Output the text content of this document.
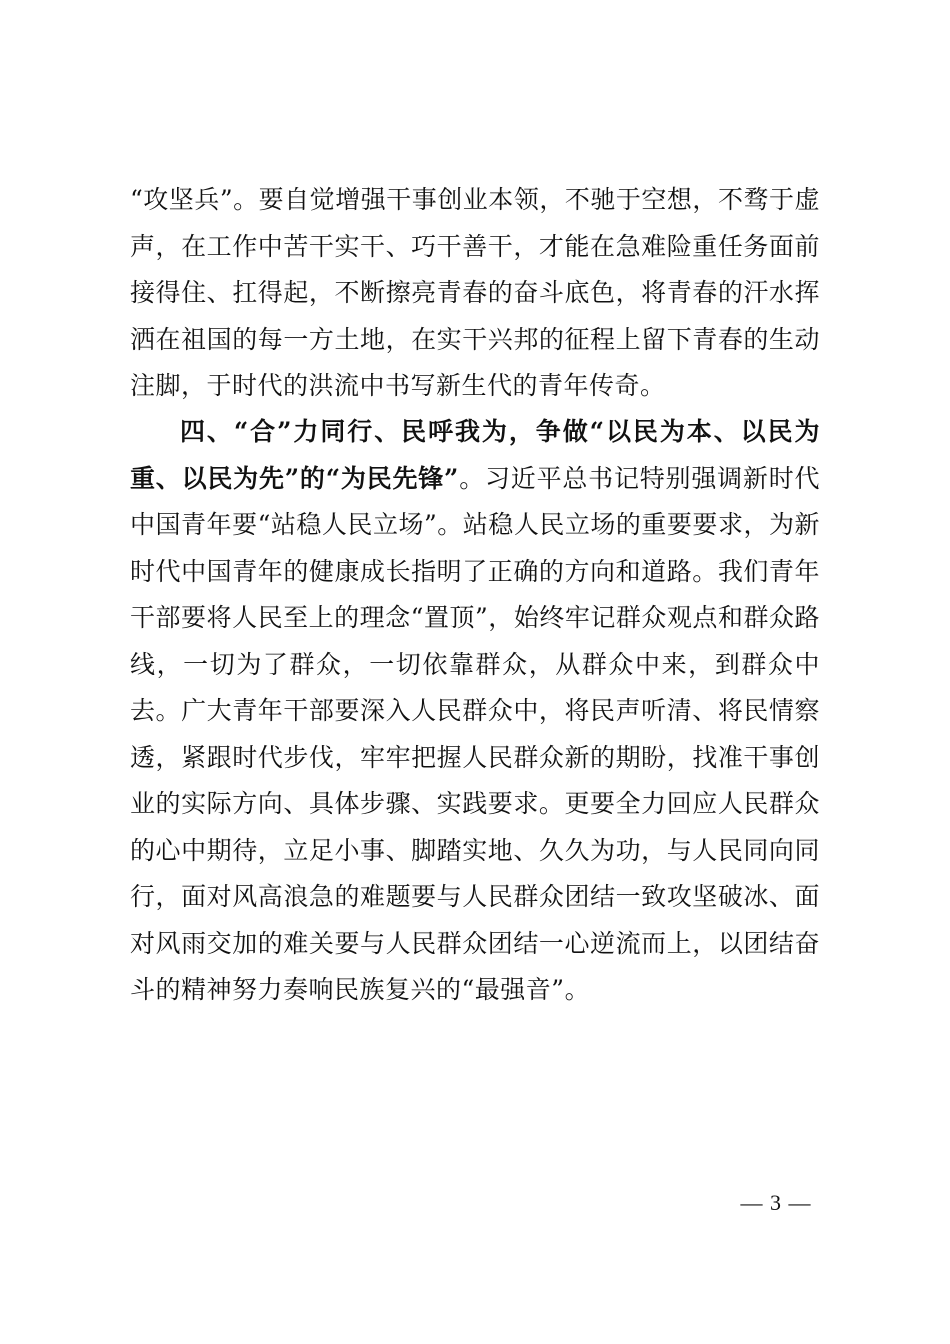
“攻坚兵”。要自觉增强干事创业本领，不驰于空想，不骛于虚声，在工作中苦干实干、巧干善干，才能在急难险重任务面前接得住、扛得起，不断擦亮青春的奋斗底色，将青春的汗水挥洒在祖国的每一方土地，在实干兴邦的征程上留下青春的生动注脚，于时代的洪流中书写新生代的青年传奇。

四、“合”力同行、民呼我为，争做“以民为本、以民为重、以民为先”的“为民先锋”。习近平总书记特别强调新时代中国青年要“站稳人民立场”。站稳人民立场的重要要求，为新时代中国青年的健康成长指明了正确的方向和道路。我们青年干部要将人民至上的理念“置顶”，始终牢记群众观点和群众路线，一切为了群众，一切依靠群众，从群众中来，到群众中去。广大青年干部要深入人民群众中，将民声听清、将民情察透，紧跟时代步伐，牢牢把握人民群众新的期盼，找准干事创业的实际方向、具体步骤、实践要求。更要全力回应人民群众的心中期待，立足小事、脚踏实地、久久为功，与人民同向同行，面对风高浪急的难题要与人民群众团结一致攻坚破冰、面对风雨交加的难关要与人民群众团结一心逆流而上，以团结奋斗的精神努力奏响民族复兴的“最强音”。

— 3 —
